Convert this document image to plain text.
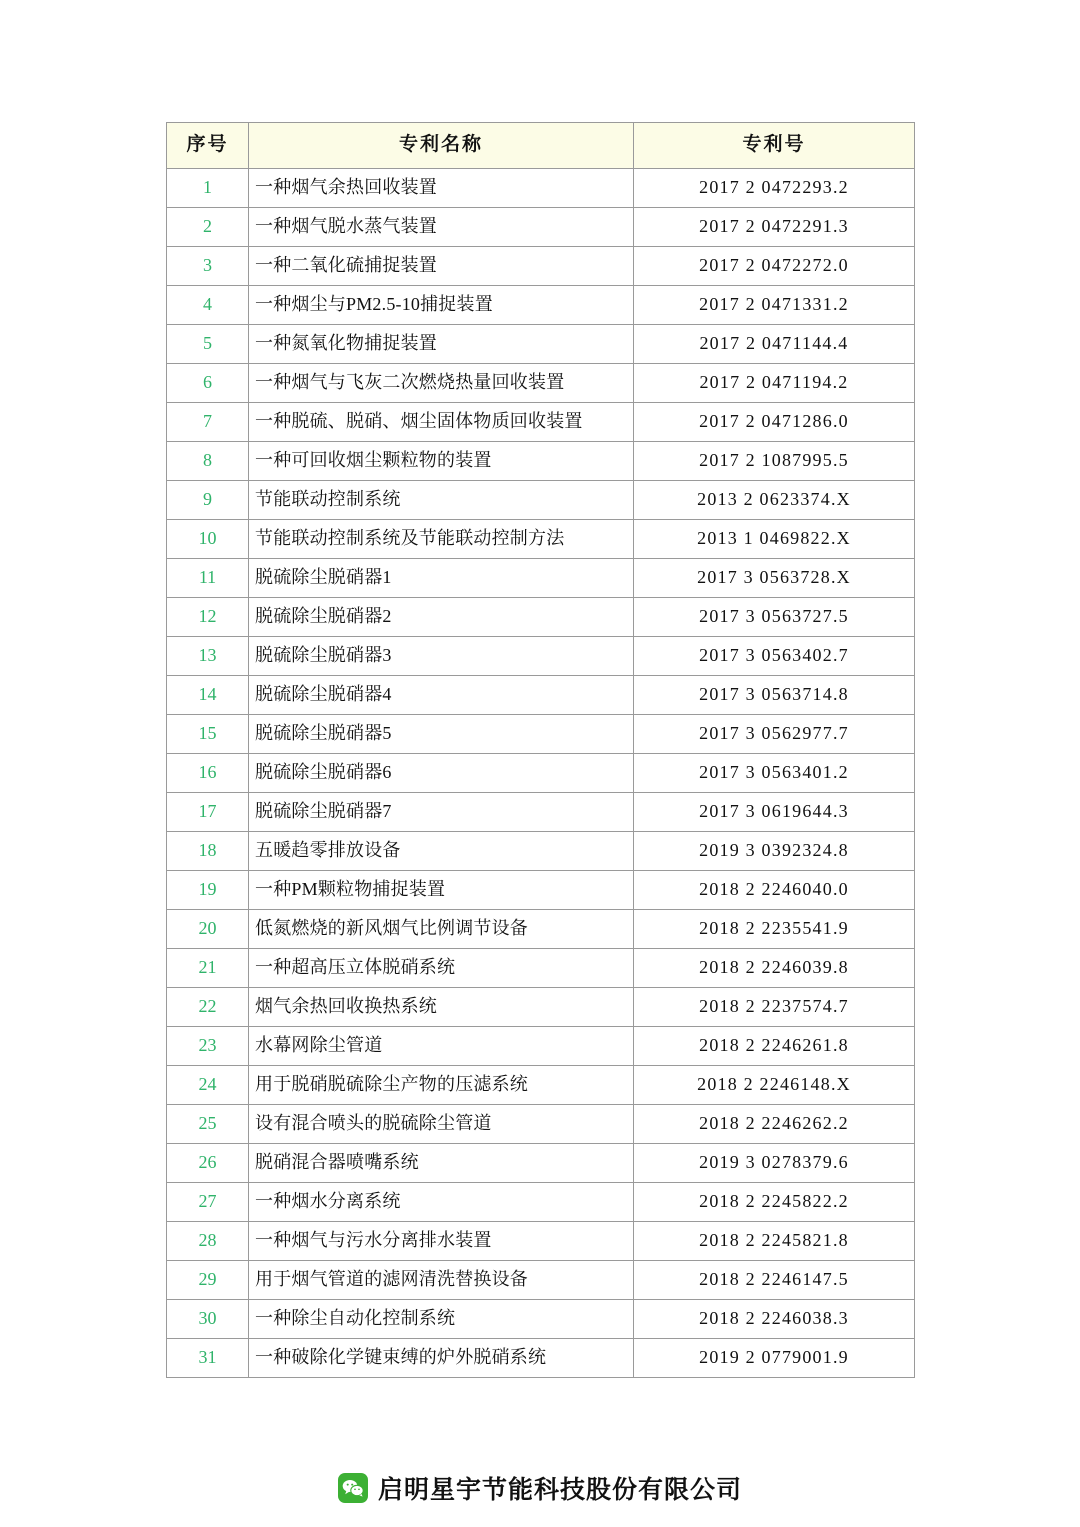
序号	专利名称	专利号
1	一种烟气余热回收装置	2017 2 0472293.2
2	一种烟气脱水蒸气装置	2017 2 0472291.3
3	一种二氧化硫捕捉装置	2017 2 0472272.0
4	一种烟尘与PM2.5-10捕捉装置	2017 2 0471331.2
5	一种氮氧化物捕捉装置	2017 2 0471144.4
6	一种烟气与飞灰二次燃烧热量回收装置	2017 2 0471194.2
7	一种脱硫、脱硝、烟尘固体物质回收装置	2017 2 0471286.0
8	一种可回收烟尘颗粒物的装置	2017 2 1087995.5
9	节能联动控制系统	2013 2 0623374.X
10	节能联动控制系统及节能联动控制方法	2013 1 0469822.X
11	脱硫除尘脱硝器1	2017 3 0563728.X
12	脱硫除尘脱硝器2	2017 3 0563727.5
13	脱硫除尘脱硝器3	2017 3 0563402.7
14	脱硫除尘脱硝器4	2017 3 0563714.8
15	脱硫除尘脱硝器5	2017 3 0562977.7
16	脱硫除尘脱硝器6	2017 3 0563401.2
17	脱硫除尘脱硝器7	2017 3 0619644.3
18	五暖趋零排放设备	2019 3 0392324.8
19	一种PM颗粒物捕捉装置	2018 2 2246040.0
20	低氮燃烧的新风烟气比例调节设备	2018 2 2235541.9
21	一种超高压立体脱硝系统	2018 2 2246039.8
22	烟气余热回收换热系统	2018 2 2237574.7
23	水幕网除尘管道	2018 2 2246261.8
24	用于脱硝脱硫除尘产物的压滤系统	2018 2 2246148.X
25	设有混合喷头的脱硫除尘管道	2018 2 2246262.2
26	脱硝混合器喷嘴系统	2019 3 0278379.6
27	一种烟水分离系统	2018 2 2245822.2
28	一种烟气与污水分离排水装置	2018 2 2245821.8
29	用于烟气管道的滤网清洗替换设备	2018 2 2246147.5
30	一种除尘自动化控制系统	2018 2 2246038.3
31	一种破除化学键束缚的炉外脱硝系统	2019 2 0779001.9
启明星宇节能科技股份有限公司
